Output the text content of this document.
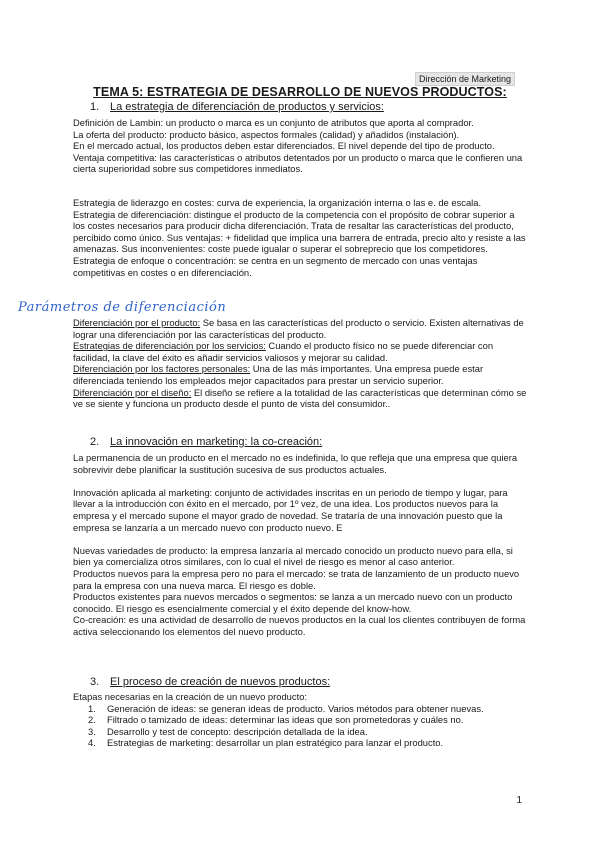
Dirección de Marketing
TEMA 5: ESTRATEGIA DE DESARROLLO DE NUEVOS PRODUCTOS:
1. La estrategia de diferenciación de productos y servicios:

Definición de Lambin: un producto o marca es un conjunto de atributos que aporta al comprador.

La oferta del producto: producto básico, aspectos formales (calidad) y añadidos (instalación).

En el mercado actual, los productos deben estar diferenciados. El nivel depende del tipo de producto.

Ventaja competitiva: las características o atributos detentados por un producto o marca que le confieren una cierta superioridad sobre sus competidores inmediatos.

Estrategia de liderazgo en costes: curva de experiencia, la organización interna o las e. de escala.

Estrategia de diferenciación: distingue el producto de la competencia con el propósito de cobrar superior a los costes necesarios para producir dicha diferenciación. Trata de resaltar las características del producto, percibido como único. Sus ventajas: + fidelidad que implica una barrera de entrada, precio alto y resiste a las amenazas. Sus inconvenientes: coste puede igualar o superar el sobreprecio que los competidores.

Estrategia de enfoque o concentración: se centra en un segmento de mercado con unas ventajas competitivas en costes o en diferenciación.

Parámetros de diferenciación

Diferenciación por el producto: Se basa en las características del producto o servicio. Existen alternativas de lograr una diferenciación por las características del producto.

Estrategias de diferenciación por los servicios: Cuando el producto físico no se puede diferenciar con facilidad, la clave del éxito es añadir servicios valiosos y mejorar su calidad.

Diferenciación por los factores personales: Una de las más importantes. Una empresa puede estar diferenciada teniendo los empleados mejor capacitados para prestar un servicio superior.

Diferenciación por el diseño: El diseño se refiere a la totalidad de las características que determinan cómo se ve se siente y funciona un producto desde el punto de vista del consumidor..

2. La innovación en marketing: la co-creación:

La permanencia de un producto en el mercado no es indefinida, lo que refleja que una empresa que quiera sobrevivir debe planificar la sustitución sucesiva de sus productos actuales.

Innovación aplicada al marketing: conjunto de actividades inscritas en un periodo de tiempo y lugar, para llevar a la introducción con éxito en el mercado, por 1º vez, de una idea. Los productos nuevos para la empresa y el mercado supone el mayor grado de novedad. Se trataría de una innovación puesto que la empresa se lanzaría a un mercado nuevo con producto nuevo. E

Nuevas variedades de producto: la empresa lanzaría al mercado conocido un producto nuevo para ella, si bien ya comercializa otros similares, con lo cual el nivel de riesgo es menor al caso anterior.

Productos nuevos para la empresa pero no para el mercado: se trata de lanzamiento de un producto nuevo para la empresa con una nueva marca. El riesgo es doble.

Productos existentes para nuevos mercados o segmentos: se lanza a un mercado nuevo con un producto conocido. El riesgo es esencialmente comercial y el éxito depende del know-how.

Co-creación: es una actividad de desarrollo de nuevos productos en la cual los clientes contribuyen de forma activa seleccionando los elementos del nuevo producto.

3. El proceso de creación de nuevos productos:

Etapas necesarias en la creación de un nuevo producto:

1. Generación de ideas: se generan ideas de producto. Varios métodos para obtener nuevas.
2. Filtrado o tamizado de ideas: determinar las ideas que son prometedoras y cuáles no.
3. Desarrollo y test de concepto: descripción detallada de la idea.
4. Estrategias de marketing: desarrollar un plan estratégico para lanzar el producto.
1
